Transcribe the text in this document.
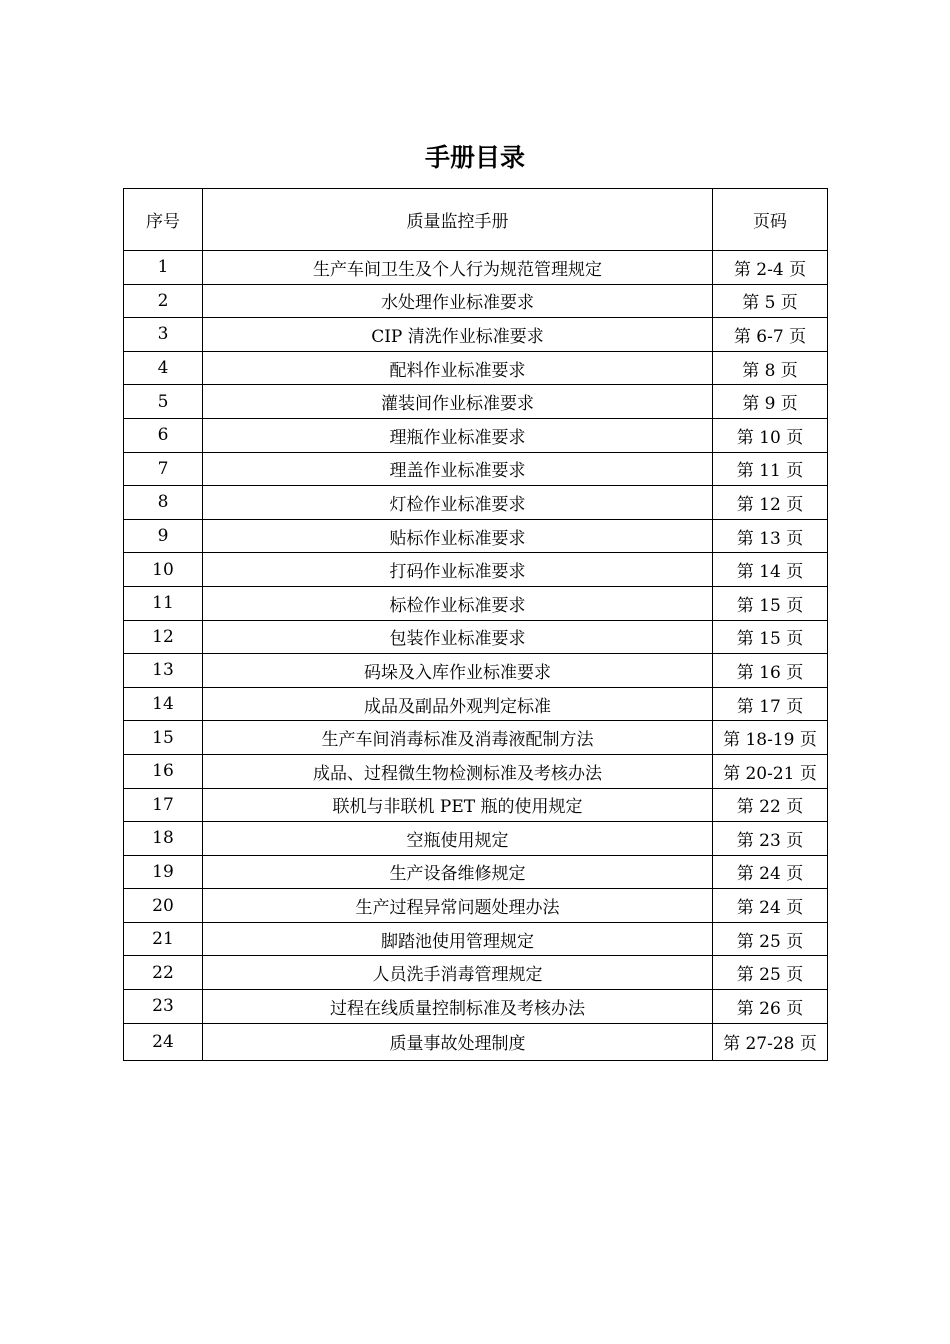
手册目录
序号	质量监控手册	页码
1	生产车间卫生及个人行为规范管理规定	第 2-4 页
2	水处理作业标准要求	第 5 页
3	CIP 清洗作业标准要求	第 6-7 页
4	配料作业标准要求	第 8 页
5	灌装间作业标准要求	第 9 页
6	理瓶作业标准要求	第 10 页
7	理盖作业标准要求	第 11 页
8	灯检作业标准要求	第 12 页
9	贴标作业标准要求	第 13 页
10	打码作业标准要求	第 14 页
11	标检作业标准要求	第 15 页
12	包装作业标准要求	第 15 页
13	码垛及入库作业标准要求	第 16 页
14	成品及副品外观判定标准	第 17 页
15	生产车间消毒标准及消毒液配制方法	第 18-19 页
16	成品、过程微生物检测标准及考核办法	第 20-21 页
17	联机与非联机 PET 瓶的使用规定	第 22 页
18	空瓶使用规定	第 23 页
19	生产设备维修规定	第 24 页
20	生产过程异常问题处理办法	第 24 页
21	脚踏池使用管理规定	第 25 页
22	人员洗手消毒管理规定	第 25 页
23	过程在线质量控制标准及考核办法	第 26 页
24	质量事故处理制度	第 27-28 页
